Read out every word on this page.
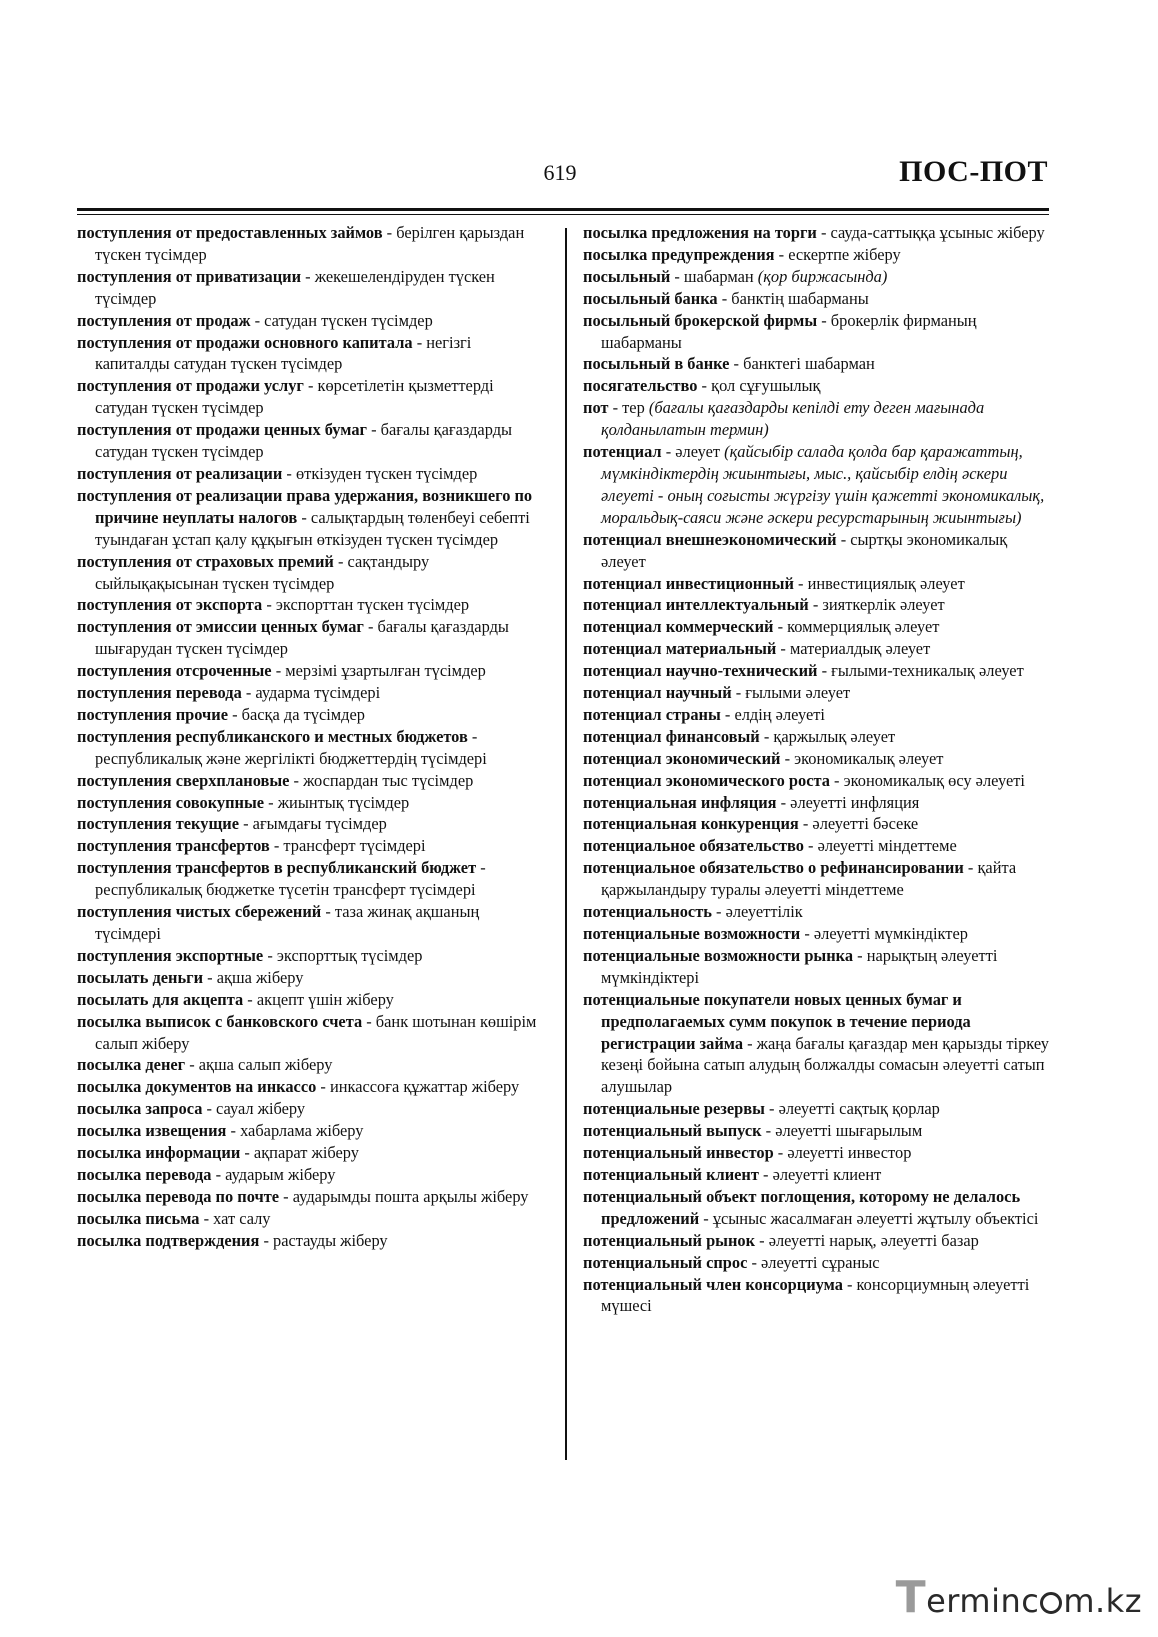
619	ПОС-ПОТ
поступления от предоставленных займов - берілген қарыздан түскен түсімдер
поступления от приватизации - жекешелендіруден түскен түсімдер
поступления от продаж - сатудан түскен түсімдер
поступления от продажи основного капитала - негізгі капиталды сатудан түскен түсімдер
поступления от продажи услуг - көрсетілетін қызметтерді сатудан түскен түсімдер
поступления от продажи ценных бумаг - бағалы қағаздарды сатудан түскен түсімдер
поступления от реализации - өткізуден түскен түсімдер
поступления от реализации права удержания, возникшего по причине неуплаты налогов - салықтардың төленбеуі себепті туындаған ұстап қалу құқығын өткізуден түскен түсімдер
поступления от страховых премий - сақтандыру сыйлықақысынан түскен түсімдер
поступления от экспорта - экспорттан түскен түсімдер
поступления от эмиссии ценных бумаг - бағалы қағаздарды шығарудан түскен түсімдер
поступления отсроченные - мерзімі ұзартылған түсімдер
поступления перевода - аударма түсімдері
поступления прочие - басқа да түсімдер
поступления республиканского и местных бюджетов - республикалық және жергілікті бюджеттердің түсімдері
поступления сверхплановые - жоспардан тыс түсімдер
поступления совокупные - жиынтық түсімдер
поступления текущие - ағымдағы түсімдер
поступления трансфертов - трансферт түсімдері
поступления трансфертов в республиканский бюджет - республикалық бюджетке түсетін трансферт түсімдері
поступления чистых сбережений - таза жинақ ақшаның түсімдері
поступления экспортные - экспорттық түсімдер
посылать деньги - ақша жіберу
посылать для акцепта - акцепт үшін жіберу
посылка выписок с банковского счета - банк шотынан көшірім салып жіберу
посылка денег - ақша салып жіберу
посылка документов на инкассо - инкассоға құжаттар жіберу
посылка запроса - сауал жіберу
посылка извещения - хабарлама жіберу
посылка информации - ақпарат жіберу
посылка перевода - аударым жіберу
посылка перевода по почте - аударымды пошта арқылы жіберу
посылка письма - хат салу
посылка подтверждения - растауды жіберу
посылка предложения на торги - сауда-саттыққа ұсыныс жіберу
посылка предупреждения - ескертпе жіберу
посыльный - шабарман (қор биржасында)
посыльный банка - банктің шабарманы
посыльный брокерской фирмы - брокерлік фирманың шабарманы
посыльный в банке - банктегі шабарман
посягательство - қол сұғушылық
пот - тер (бағалы қағаздарды кепілді ету деген мағынада қолданылатын термин)
потенциал - әлеует (қайсыбір салада қолда бар қаражаттың, мүмкіндіктердің жиынтығы, мыс., қайсыбір елдің әскери әлеуеті - оның соғысты жүргізу үшін қажетті экономикалық, моральдық-саяси және әскери ресурстарының жиынтығы)
потенциал внешнеэкономический - сыртқы экономикалық әлеует
потенциал инвестиционный - инвестициялық әлеует
потенциал интеллектуальный - зияткерлік әлеует
потенциал коммерческий - коммерциялық әлеует
потенциал материальный - материалдық әлеует
потенциал научно-технический - ғылыми-техникалық әлеует
потенциал научный - ғылыми әлеует
потенциал страны - елдің әлеуеті
потенциал финансовый - қаржылық әлеует
потенциал экономический - экономикалық әлеует
потенциал экономического роста - экономикалық өсу әлеуеті
потенциальная инфляция - әлеуетті инфляция
потенциальная конкуренция - әлеуетті бәсеке
потенциальное обязательство - әлеуетті міндеттеме
потенциальное обязательство о рефинансировании - қайта қаржыландыру туралы әлеуетті міндеттеме
потенциальность - әлеуеттілік
потенциальные возможности - әлеуетті мүмкіндіктер
потенциальные возможности рынка - нарықтың әлеуетті мүмкіндіктері
потенциальные покупатели новых ценных бумаг и предполагаемых сумм покупок в течение периода регистрации займа - жаңа бағалы қағаздар мен қарызды тіркеу кезеңі бойына сатып алудың болжалды сомасын әлеуетті сатып алушылар
потенциальные резервы - әлеуетті сақтық қорлар
потенциальный выпуск - әлеуетті шығарылым
потенциальный инвестор - әлеуетті инвестор
потенциальный клиент - әлеуетті клиент
потенциальный объект поглощения, которому не делалось предложений - ұсыныс жасалмаған әлеуетті жұтылу объектісі
потенциальный рынок - әлеуетті нарық, әлеуетті базар
потенциальный спрос - әлеуетті сұраныс
потенциальный член консорциума - консорциумның әлеуетті мүшесі
Terminc m.kz
